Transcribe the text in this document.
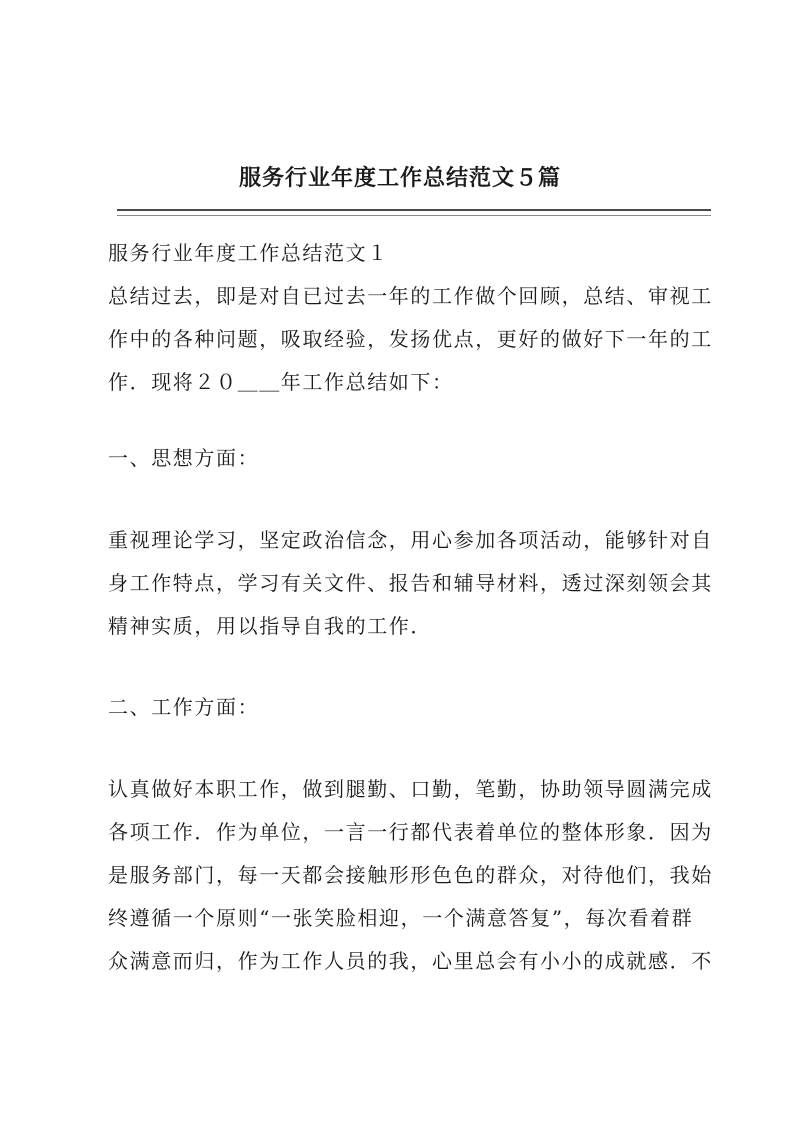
服务行业年度工作总结范文５篇
服务行业年度工作总结范文１
总结过去，即是对自已过去一年的工作做个回顾，总结、审视工
作中的各种问题，吸取经验，发扬优点，更好的做好下一年的工
作．现将２０＿＿年工作总结如下：
一、思想方面：
重视理论学习，坚定政治信念，用心参加各项活动，能够针对自
身工作特点，学习有关文件、报告和辅导材料，透过深刻领会其
精神实质，用以指导自我的工作．
二、工作方面：
认真做好本职工作，做到腿勤、口勤，笔勤，协助领导圆满完成
各项工作．作为单位，一言一行都代表着单位的整体形象．因为
是服务部门，每一天都会接触形形色色的群众，对待他们，我始
终遵循一个原则“一张笑脸相迎，一个满意答复”，每次看着群
众满意而归，作为工作人员的我，心里总会有小小的成就感．不
